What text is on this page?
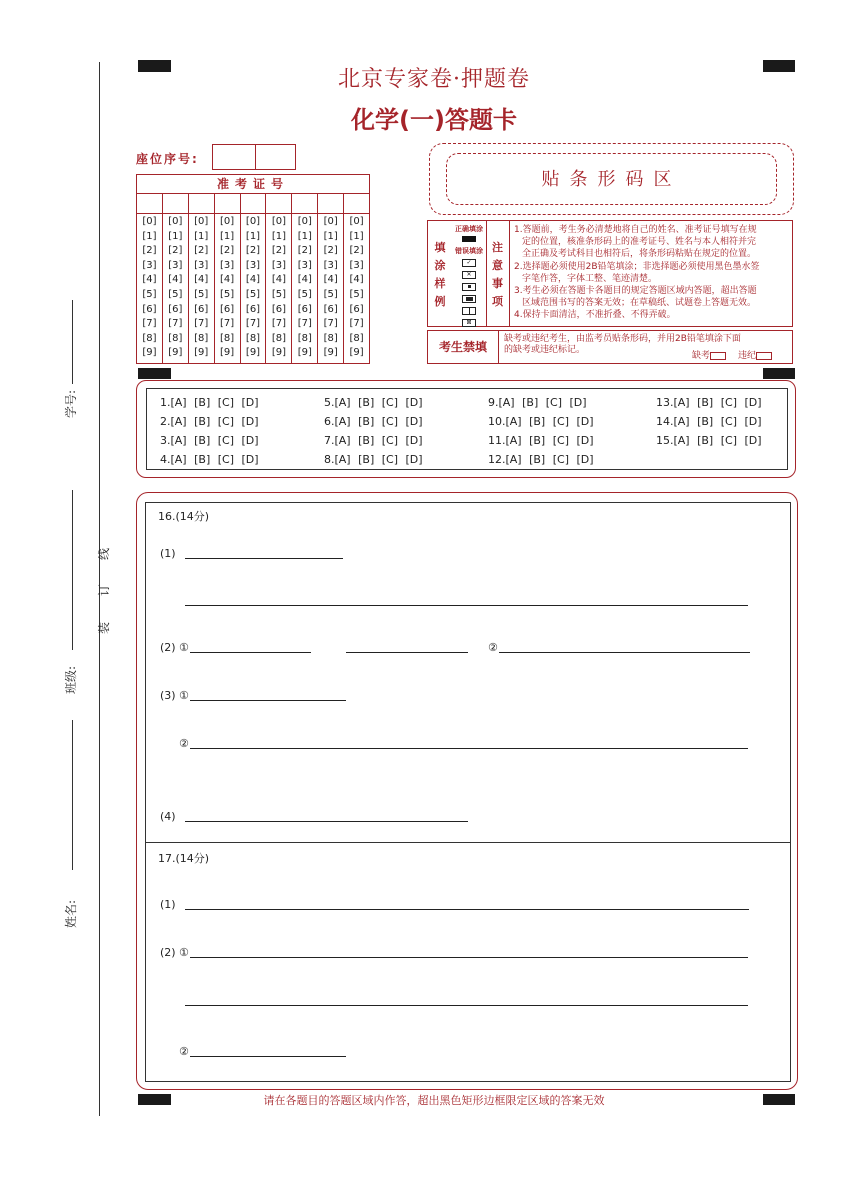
北京专家卷·押题卷
化学(一)答题卡
座位序号:
准考证号
[0]
[1]
[2]
[3]
[4]
[5]
[6]
[7]
[8]
[9]
[0]
[1]
[2]
[3]
[4]
[5]
[6]
[7]
[8]
[9]
[0]
[1]
[2]
[3]
[4]
[5]
[6]
[7]
[8]
[9]
[0]
[1]
[2]
[3]
[4]
[5]
[6]
[7]
[8]
[9]
[0]
[1]
[2]
[3]
[4]
[5]
[6]
[7]
[8]
[9]
[0]
[1]
[2]
[3]
[4]
[5]
[6]
[7]
[8]
[9]
[0]
[1]
[2]
[3]
[4]
[5]
[6]
[7]
[8]
[9]
[0]
[1]
[2]
[3]
[4]
[5]
[6]
[7]
[8]
[9]
[0]
[1]
[2]
[3]
[4]
[5]
[6]
[7]
[8]
[9]
贴条形码区
填
涂
样
例
正确填涂
错误填涂
✓
✕
⊠
注
意
事
项
1.答题前，考生务必清楚地将自己的姓名、准考证号填写在规
定的位置，核准条形码上的准考证号、姓名与本人相符并完
全正确及考试科目也相符后，将条形码粘贴在规定的位置。
2.选择题必须使用2B铅笔填涂；非选择题必须使用黑色墨水签
字笔作答，字体工整、笔迹清楚。
3.考生必须在答题卡各题目的规定答题区域内答题，超出答题
区域范围书写的答案无效；在草稿纸、试题卷上答题无效。
4.保持卡面清洁，不准折叠、不得弄破。
考生禁填
缺考或违纪考生，由监考员贴条形码，并用2B铅笔填涂下面
的缺考或违纪标记。
缺考	违纪
1.[A] [B] [C] [D]
2.[A] [B] [C] [D]
3.[A] [B] [C] [D]
4.[A] [B] [C] [D]
5.[A] [B] [C] [D]
6.[A] [B] [C] [D]
7.[A] [B] [C] [D]
8.[A] [B] [C] [D]
9.[A] [B] [C] [D]
10.[A] [B] [C] [D]
11.[A] [B] [C] [D]
12.[A] [B] [C] [D]
13.[A] [B] [C] [D]
14.[A] [B] [C] [D]
15.[A] [B] [C] [D]
16.(14分)
(1)
(2) ①	②
(3) ①
②
(4)
17.(14分)
(1)
(2) ①
②
学号:
班级:
姓名:
装
订
线
请在各题目的答题区域内作答，超出黑色矩形边框限定区域的答案无效
